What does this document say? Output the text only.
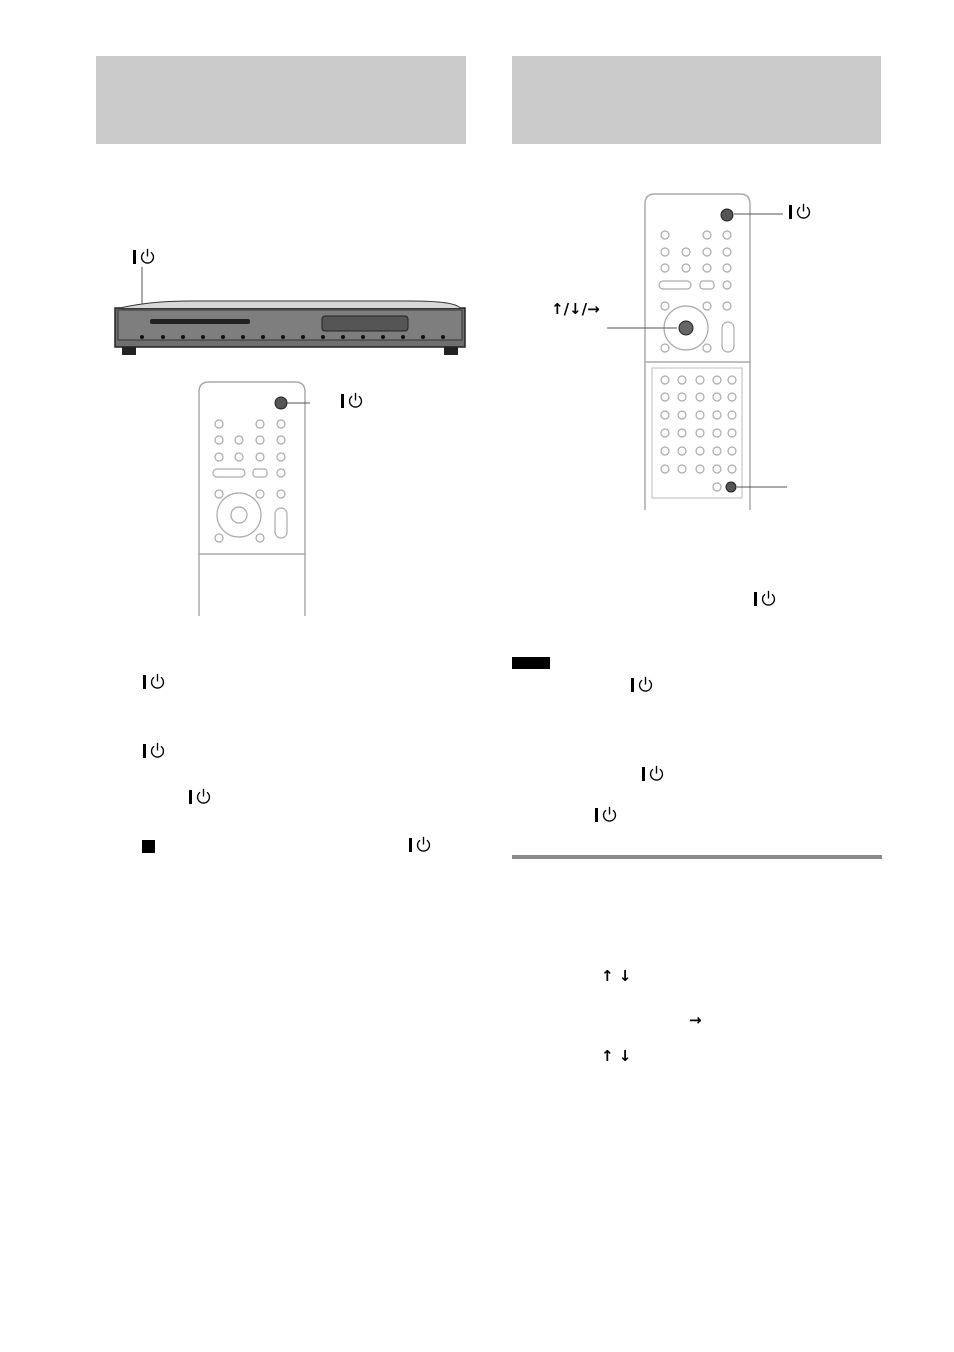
↑/↓/→
↑ ↓
→
↑ ↓
